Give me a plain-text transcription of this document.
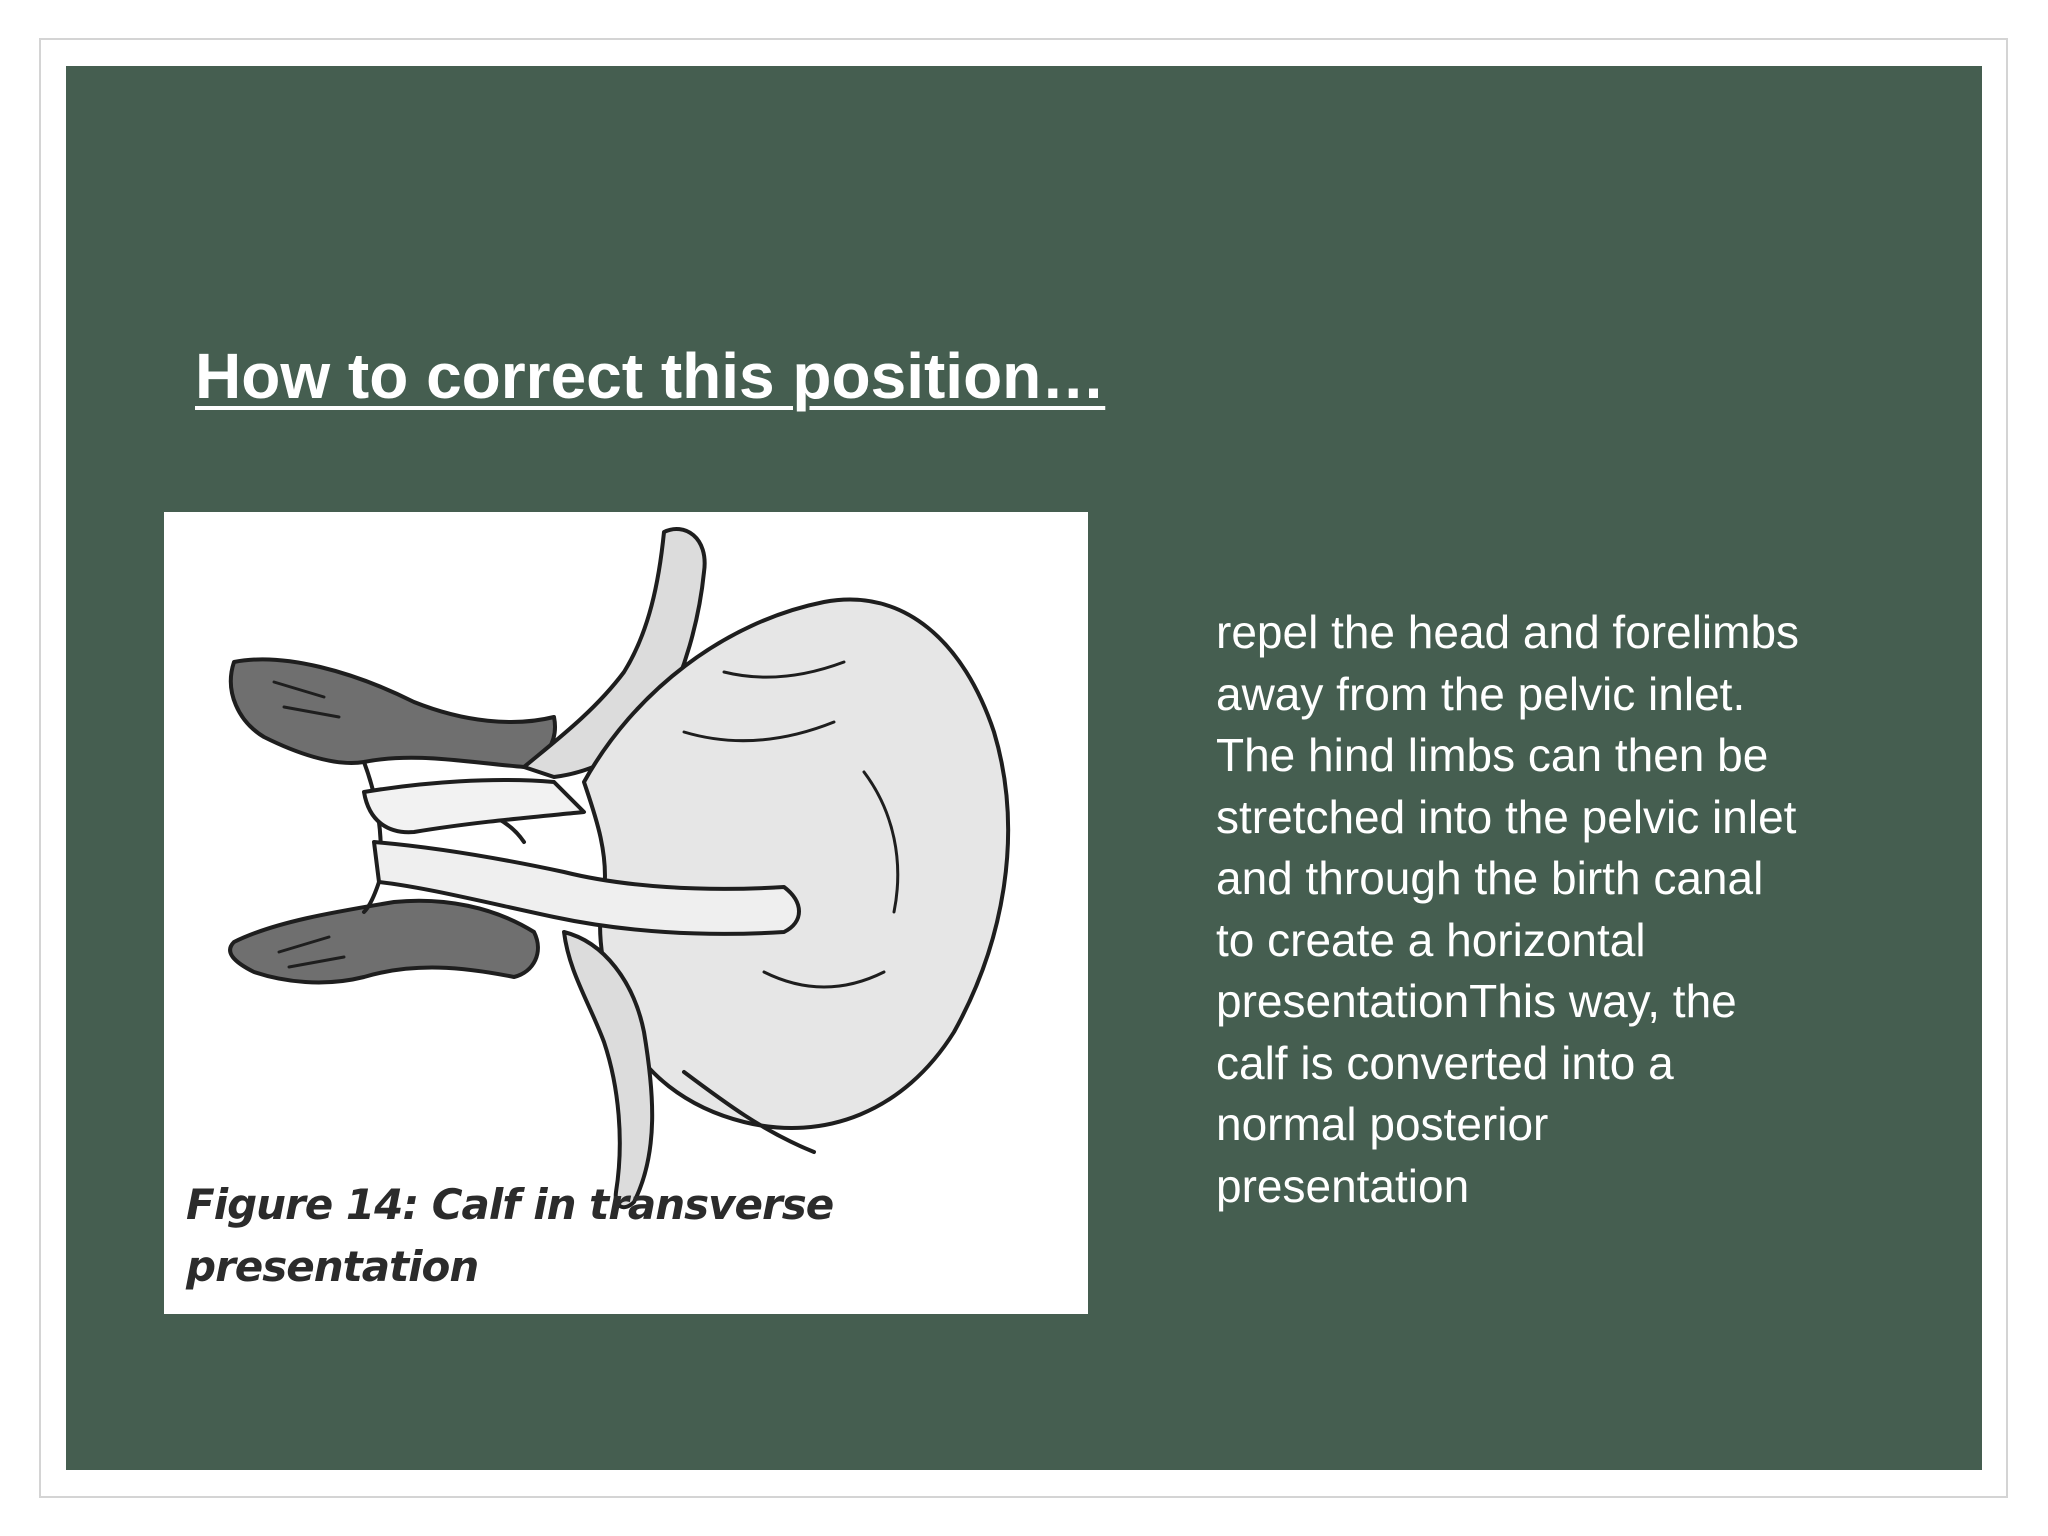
How to correct this position…

Figure 14: Calf in transverse presentation

repel the head and forelimbs
away from the pelvic inlet.
The hind limbs can then be
stretched into the pelvic inlet
and through the birth canal
to create a horizontal
presentationThis way, the
calf is converted into a
normal posterior
presentation
